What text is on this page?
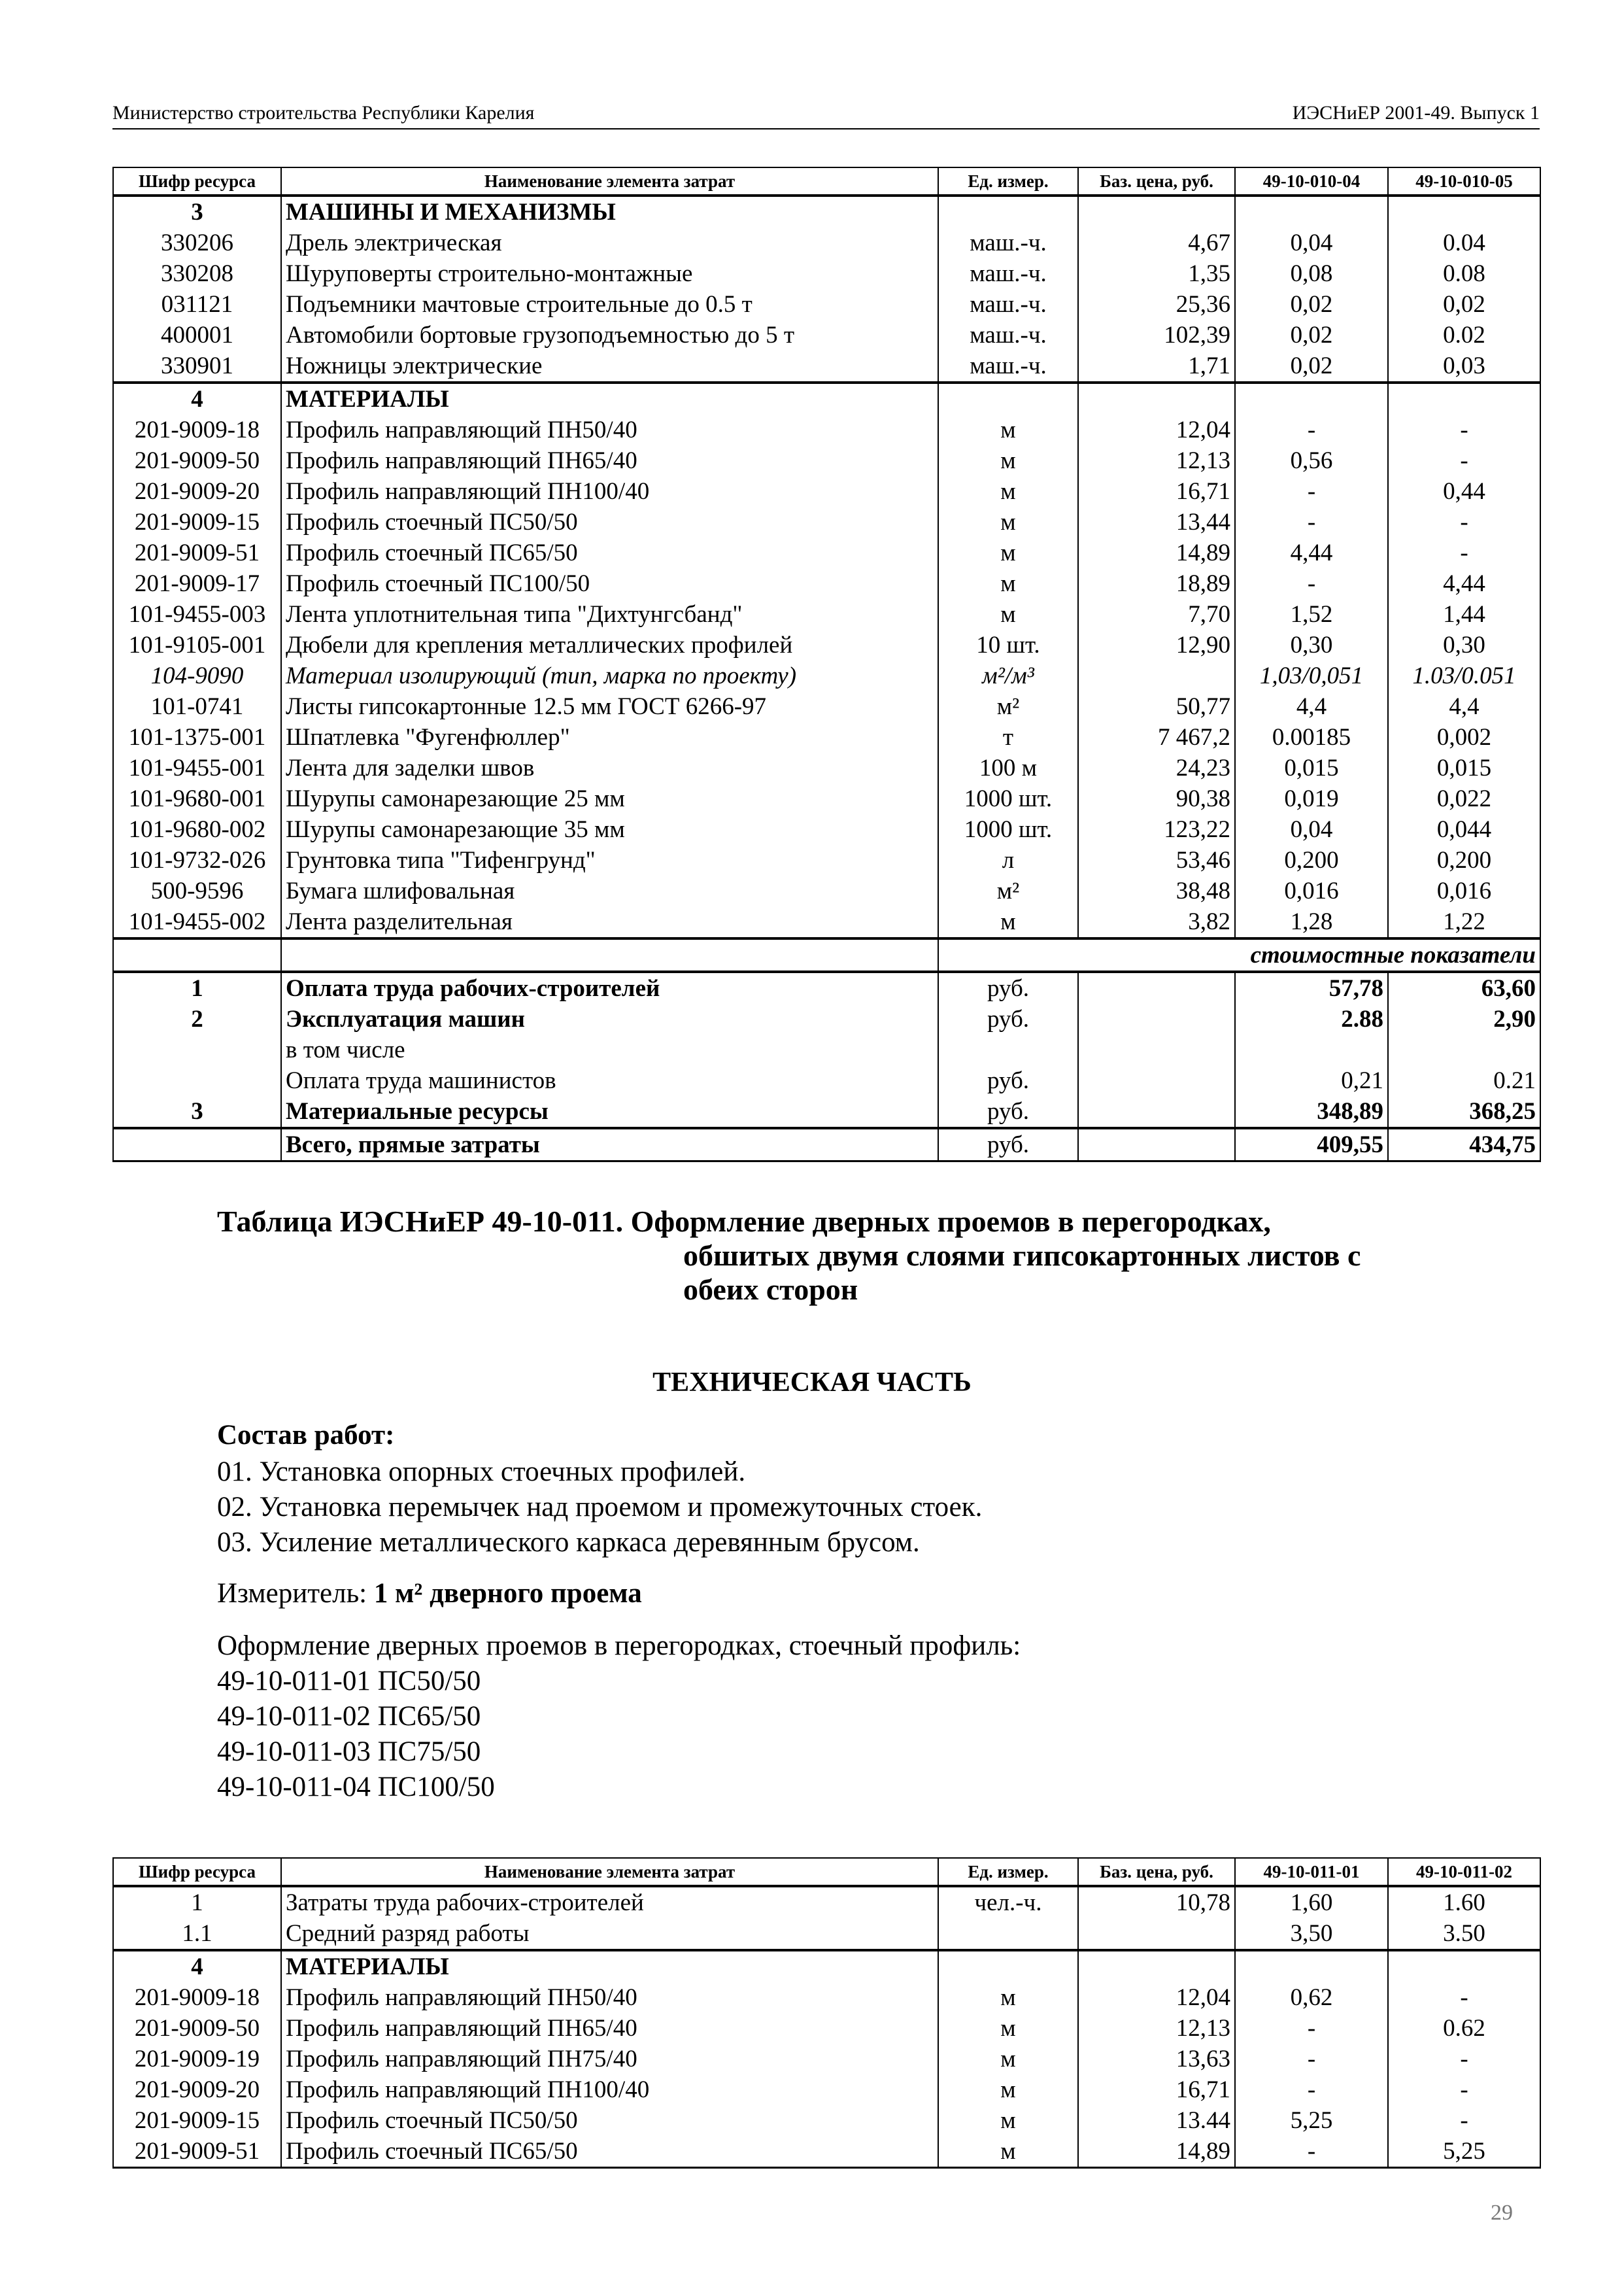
Министерство строительства Республики Карелия	ИЭСНиЕР 2001-49. Выпуск 1
Шифр ресурса	Наименование элемента затрат	Ед. измер.	Баз. цена, руб.	49-10-010-04	49-10-010-05
3	МАШИНЫ И МЕХАНИЗМЫ				
330206	Дрель электрическая	маш.-ч.	4,67	0,04	0.04
330208	Шуруповерты строительно-монтажные	маш.-ч.	1,35	0,08	0.08
031121	Подъемники мачтовые строительные до 0.5 т	маш.-ч.	25,36	0,02	0,02
400001	Автомобили бортовые грузоподъемностью до 5 т	маш.-ч.	102,39	0,02	0.02
330901	Ножницы электрические	маш.-ч.	1,71	0,02	0,03
4	МАТЕРИАЛЫ				
201-9009-18	Профиль направляющий ПН50/40	м	12,04	-	-
201-9009-50	Профиль направляющий ПН65/40	м	12,13	0,56	-
201-9009-20	Профиль направляющий ПН100/40	м	16,71	-	0,44
201-9009-15	Профиль стоечный ПС50/50	м	13,44	-	-
201-9009-51	Профиль стоечный ПС65/50	м	14,89	4,44	-
201-9009-17	Профиль стоечный ПС100/50	м	18,89	-	4,44
101-9455-003	Лента уплотнительная типа "Дихтунгсбанд"	м	7,70	1,52	1,44
101-9105-001	Дюбели для крепления металлических профилей	10 шт.	12,90	0,30	0,30
104-9090	Материал изолирующий (тип, марка по проекту)	м²/м³		1,03/0,051	1.03/0.051
101-0741	Листы гипсокартонные 12.5 мм ГОСТ 6266-97	м²	50,77	4,4	4,4
101-1375-001	Шпатлевка "Фугенфюллер"	т	7 467,2	0.00185	0,002
101-9455-001	Лента для заделки швов	100 м	24,23	0,015	0,015
101-9680-001	Шурупы самонарезающие 25 мм	1000 шт.	90,38	0,019	0,022
101-9680-002	Шурупы самонарезающие 35 мм	1000 шт.	123,22	0,04	0,044
101-9732-026	Грунтовка типа "Тифенгрунд"	л	53,46	0,200	0,200
500-9596	Бумага шлифовальная	м²	38,48	0,016	0,016
101-9455-002	Лента разделительная	м	3,82	1,28	1,22
		стоимостные показатели			
1	Оплата труда рабочих-строителей	руб.		57,78	63,60
2	Эксплуатация машин	руб.		2.88	2,90
	в том числе				
	Оплата труда машинистов	руб.		0,21	0.21
3	Материальные ресурсы	руб.		348,89	368,25
	Всего, прямые затраты	руб.		409,55	434,75
Таблица ИЭСНиЕР 49-10-011. Оформление дверных проемов в перегородках,
обшитых двумя слоями гипсокартонных листов с
обеих сторон
ТЕХНИЧЕСКАЯ ЧАСТЬ
Состав работ:
01. Установка опорных стоечных профилей.
02. Установка перемычек над проемом и промежуточных стоек.
03. Усиление металлического каркаса деревянным брусом.
Измеритель: 1 м² дверного проема
Оформление дверных проемов в перегородках, стоечный профиль:
49-10-011-01 ПС50/50
49-10-011-02 ПС65/50
49-10-011-03 ПС75/50
49-10-011-04 ПС100/50
Шифр ресурса	Наименование элемента затрат	Ед. измер.	Баз. цена, руб.	49-10-011-01	49-10-011-02
1	Затраты труда рабочих-строителей	чел.-ч.	10,78	1,60	1.60
1.1	Средний разряд работы			3,50	3.50
4	МАТЕРИАЛЫ				
201-9009-18	Профиль направляющий ПН50/40	м	12,04	0,62	-
201-9009-50	Профиль направляющий ПН65/40	м	12,13	-	0.62
201-9009-19	Профиль направляющий ПН75/40	м	13,63	-	-
201-9009-20	Профиль направляющий ПН100/40	м	16,71	-	-
201-9009-15	Профиль стоечный ПС50/50	м	13.44	5,25	-
201-9009-51	Профиль стоечный ПС65/50	м	14,89	-	5,25
29
